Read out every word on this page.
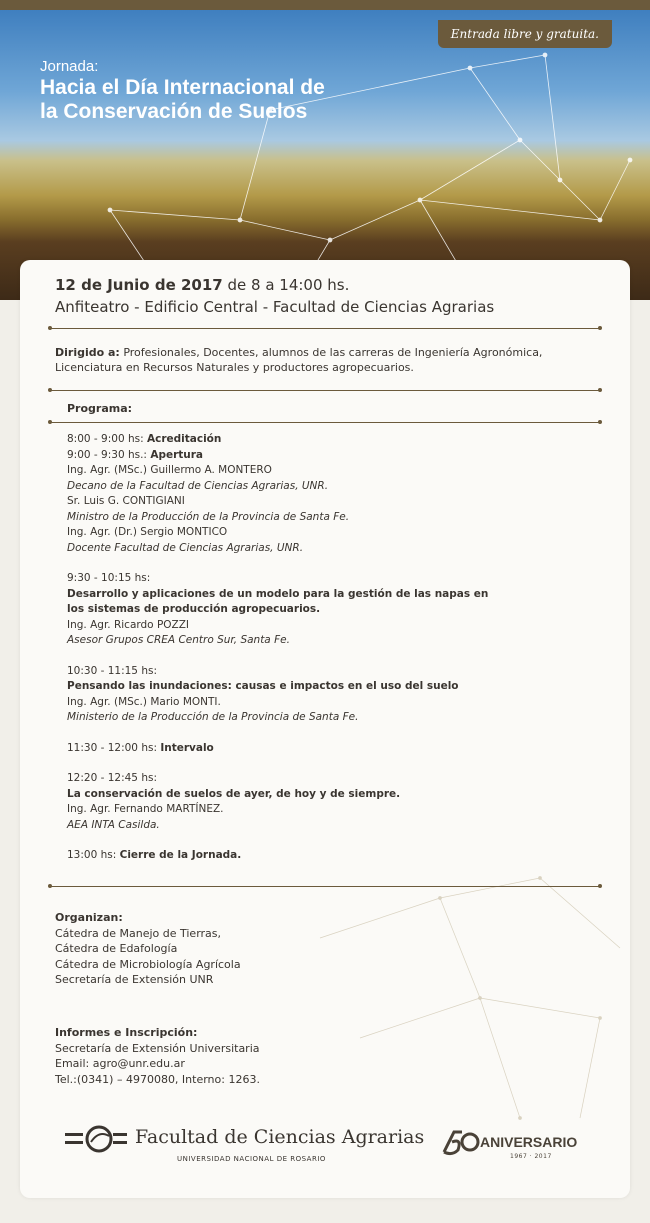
Entrada libre y gratuita.
Jornada:
Hacia el Día Internacional de la Conservación de Suelos
12 de Junio de 2017 de 8 a 14:00 hs.
Anfiteatro - Edificio Central - Facultad de Ciencias Agrarias
Dirigido a: Profesionales, Docentes, alumnos de las carreras de Ingeniería Agronómica, Licenciatura en Recursos Naturales y productores agropecuarios.
Programa:
8:00 - 9:00 hs: Acreditación
9:00 - 9:30 hs.: Apertura
Ing. Agr. (MSc.) Guillermo A. MONTERO
Decano de la Facultad de Ciencias Agrarias, UNR.
Sr. Luis G. CONTIGIANI
Ministro de la Producción de la Provincia de Santa Fe.
Ing. Agr. (Dr.) Sergio MONTICO
Docente Facultad de Ciencias Agrarias, UNR.
9:30 - 10:15 hs:
Desarrollo y aplicaciones de un modelo para la gestión de las napas en los sistemas de producción agropecuarios.
Ing. Agr. Ricardo POZZI
Asesor Grupos CREA Centro Sur, Santa Fe.
10:30 - 11:15 hs:
Pensando las inundaciones: causas e impactos en el uso del suelo
Ing. Agr. (MSc.) Mario MONTI.
Ministerio de la Producción de la Provincia de Santa Fe.
11:30 - 12:00 hs: Intervalo
12:20 - 12:45 hs:
La conservación de suelos de ayer, de hoy y de siempre.
Ing. Agr. Fernando MARTÍNEZ.
AEA INTA Casilda.
13:00 hs: Cierre de la Jornada.
Organizan:
Cátedra de Manejo de Tierras,
Cátedra de Edafología
Cátedra de Microbiología Agrícola
Secretaría de Extensión UNR
Informes e Inscripción:
Secretaría de Extensión Universitaria
Email: agro@unr.edu.ar
Tel.:(0341) – 4970080, Interno: 1263.
Facultad de Ciencias Agrarias
UNIVERSIDAD NACIONAL DE ROSARIO
ANIVERSARIO
1967 · 2017
